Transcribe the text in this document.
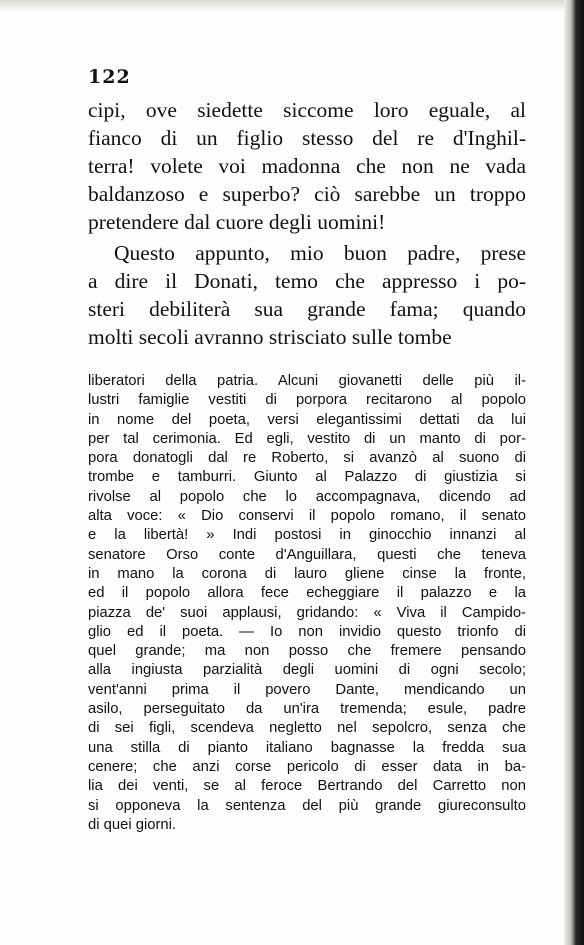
122
cipi, ove siedette siccome loro eguale, al
fianco di un figlio stesso del re d'Inghil-
terra! volete voi madonna che non ne vada
baldanzoso e superbo? ciò sarebbe un troppo
pretendere dal cuore degli uomini!
Questo appunto, mio buon padre, prese
a dire il Donati, temo che appresso i po-
steri debiliterà sua grande fama; quando
molti secoli avranno strisciato sulle tombe
liberatori della patria. Alcuni giovanetti delle più il-
lustri famiglie vestiti di porpora recitarono al popolo
in nome del poeta, versi elegantissimi dettati da lui
per tal cerimonia. Ed egli, vestito di un manto di por-
pora donatogli dal re Roberto, si avanzò al suono di
trombe e tamburri. Giunto al Palazzo di giustizia si
rivolse al popolo che lo accompagnava, dicendo ad
alta voce: « Dio conservi il popolo romano, il senato
e la libertà! » Indi postosi in ginocchio innanzi al
senatore Orso conte d'Anguillara, questi che teneva
in mano la corona di lauro gliene cinse la fronte,
ed il popolo allora fece echeggiare il palazzo e la
piazza de' suoi applausi, gridando: « Viva il Campido-
glio ed il poeta. — Io non invidio questo trionfo di
quel grande; ma non posso che fremere pensando
alla ingiusta parzialità degli uomini di ogni secolo;
vent'anni prima il povero Dante, mendicando un
asilo, perseguitato da un'ira tremenda; esule, padre
di sei figli, scendeva negletto nel sepolcro, senza che
una stilla di pianto italiano bagnasse la fredda sua
cenere; che anzi corse pericolo di esser data in ba-
lia dei venti, se al feroce Bertrando del Carretto non
si opponeva la sentenza del più grande giureconsulto
di quei giorni.
